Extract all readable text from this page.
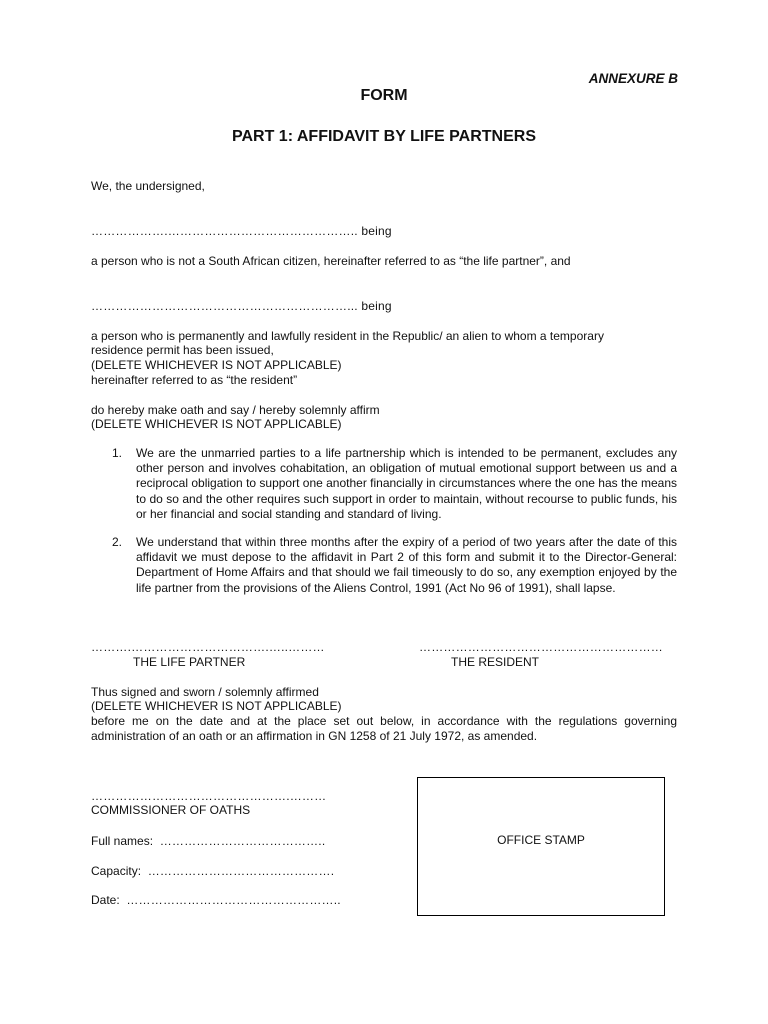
ANNEXURE B
FORM
PART 1: AFFIDAVIT BY LIFE PARTNERS
We, the undersigned,
……………….……………………………………….. being
a person who is not a South African citizen, hereinafter referred to as “the life partner”, and
………………………………………………………... being
a person who is permanently and lawfully resident in the Republic/ an alien to whom a temporary
residence permit has been issued,
(DELETE WHICHEVER IS NOT APPLICABLE)
hereinafter referred to as “the resident”
do hereby make oath and say / hereby solemnly affirm
(DELETE WHICHEVER IS NOT APPLICABLE)
1. We are the unmarried parties to a life partnership which is intended to be permanent, excludes any other person and involves cohabitation, an obligation of mutual emotional support between us and a reciprocal obligation to support one another financially in circumstances where the one has the means to do so and the other requires such support in order to maintain, without recourse to public funds, his or her financial and social standing and standard of living.
2. We understand that within three months after the expiry of a period of two years after the date of this affidavit we must depose to the affidavit in Part 2 of this form and submit it to the Director-General: Department of Home Affairs and that should we fail timeously to do so, any exemption enjoyed by the life partner from the provisions of the Aliens Control, 1991 (Act No 96 of 1991), shall lapse.
……….…………………………….…..………
THE LIFE PARTNER
……………………………………………………
THE RESIDENT
Thus signed and sworn / solemnly affirmed
(DELETE WHICHEVER IS NOT APPLICABLE)
before me on the date and at the place set out below, in accordance with the regulations governing administration of an oath or an affirmation in GN 1258 of 21 July 1972, as amended.
………………………………………….………
COMMISSIONER OF OATHS
Full names: …………………………………..
Capacity: ……………………………………….
Date: ……………………………………………..
OFFICE STAMP
